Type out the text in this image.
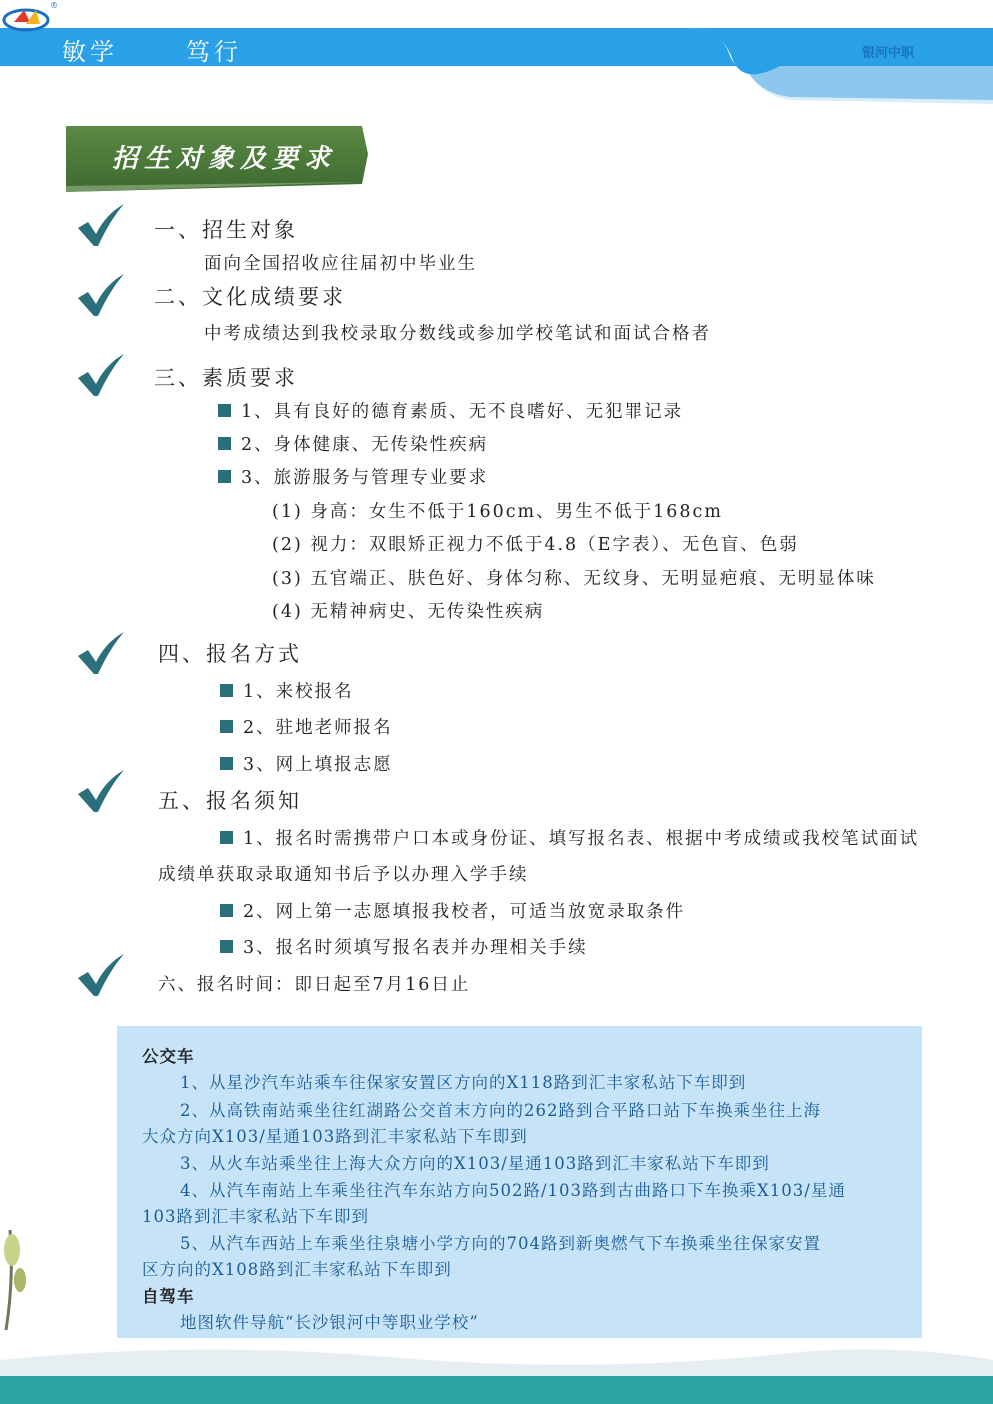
敏学	笃行
®
银河中职
招生对象及要求
一、招生对象
面向全国招收应往届初中毕业生
二、文化成绩要求
中考成绩达到我校录取分数线或参加学校笔试和面试合格者
三、素质要求
1、具有良好的德育素质、无不良嗜好、无犯罪记录
2、身体健康、无传染性疾病
3、旅游服务与管理专业要求
(1) 身高：女生不低于160cm、男生不低于168cm
(2) 视力：双眼矫正视力不低于4.8（E字表）、无色盲、色弱
(3) 五官端正、肤色好、身体匀称、无纹身、无明显疤痕、无明显体味
(4) 无精神病史、无传染性疾病
四、报名方式
1、来校报名
2、驻地老师报名
3、网上填报志愿
五、报名须知
1、报名时需携带户口本或身份证、填写报名表、根据中考成绩或我校笔试面试
成绩单获取录取通知书后予以办理入学手续
2、网上第一志愿填报我校者，可适当放宽录取条件
3、报名时须填写报名表并办理相关手续
六、报名时间：即日起至7月16日止
公交车
1、从星沙汽车站乘车往保家安置区方向的X118路到汇丰家私站下车即到
2、从高铁南站乘坐往红湖路公交首末方向的262路到合平路口站下车换乘坐往上海
大众方向X103/星通103路到汇丰家私站下车即到
3、从火车站乘坐往上海大众方向的X103/星通103路到汇丰家私站下车即到
4、从汽车南站上车乘坐往汽车东站方向502路/103路到古曲路口下车换乘X103/星通
103路到汇丰家私站下车即到
5、从汽车西站上车乘坐往泉塘小学方向的704路到新奥燃气下车换乘坐往保家安置
区方向的X108路到汇丰家私站下车即到
自驾车
地图软件导航“长沙银河中等职业学校”
